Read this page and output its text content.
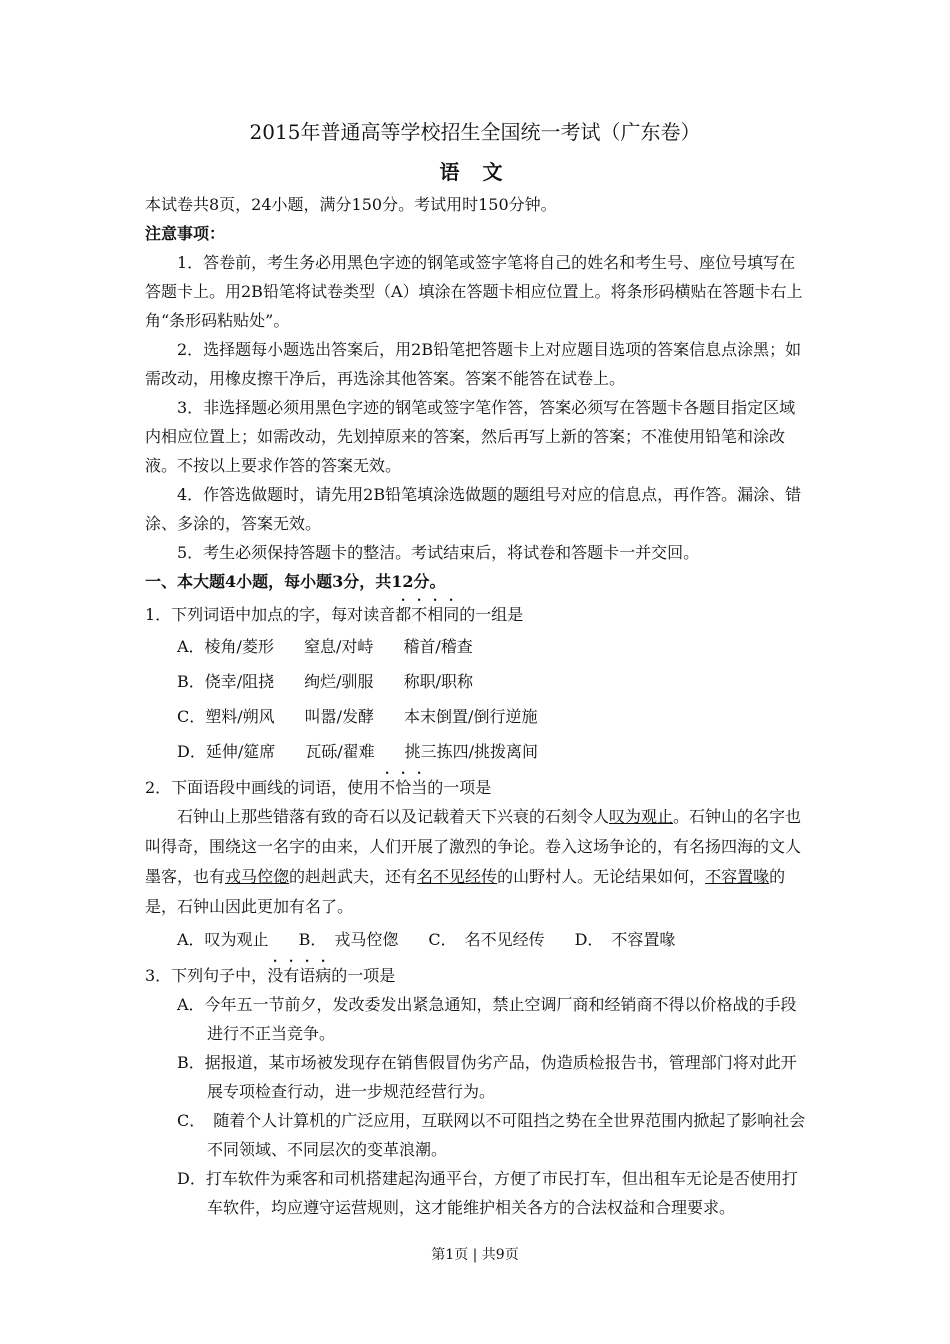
2015年普通高等学校招生全国统一考试（广东卷）
语 文

本试卷共8页，24小题，满分150分。考试用时150分钟。

注意事项：

1．答卷前，考生务必用黑色字迹的钢笔或签字笔将自己的姓名和考生号、座位号填写在答题卡上。用2B铅笔将试卷类型（A）填涂在答题卡相应位置上。将条形码横贴在答题卡右上角“条形码粘贴处”。

2．选择题每小题选出答案后，用2B铅笔把答题卡上对应题目选项的答案信息点涂黑；如需改动，用橡皮擦干净后，再选涂其他答案。答案不能答在试卷上。

3．非选择题必须用黑色字迹的钢笔或签字笔作答，答案必须写在答题卡各题目指定区域内相应位置上；如需改动，先划掉原来的答案，然后再写上新的答案；不准使用铅笔和涂改液。不按以上要求作答的答案无效。

4．作答选做题时，请先用2B铅笔填涂选做题的题组号对应的信息点，再作答。漏涂、错涂、多涂的，答案无效。

5．考生必须保持答题卡的整洁。考试结束后，将试卷和答题卡一并交回。

一、本大题4小题，每小题3分，共12分。

1．下列词语中加点的字，每对读音都不相同的一组是

A．棱角/菱形 窒息/对峙 稽首/稽查

B．侥幸/阻挠 绚烂/驯服 称职/职称

C．塑料/朔风 叫嚣/发酵 本末倒置/倒行逆施

D．延伸/筵席 瓦砾/翟难 挑三拣四/挑拨离间

2．下面语段中画线的词语，使用不恰当的一项是

石钟山上那些错落有致的奇石以及记载着天下兴衰的石刻令人叹为观止。石钟山的名字也叫得奇，围绕这一名字的由来，人们开展了激烈的争论。卷入这场争论的，有名扬四海的文人墨客，也有戎马倥偬的赳赳武夫，还有名不见经传的山野村人。无论结果如何，不容置喙的是，石钟山因此更加有名了。

A．叹为观止 B．　戎马倥偬 C．　名不见经传 D．　不容置喙

3．下列句子中，没有语病的一项是

A．今年五一节前夕，发改委发出紧急通知，禁止空调厂商和经销商不得以价格战的手段进行不正当竞争。

B．据报道，某市场被发现存在销售假冒伪劣产品，伪造质检报告书，管理部门将对此开展专项检查行动，进一步规范经营行为。

C．　随着个人计算机的广泛应用，互联网以不可阻挡之势在全世界范围内掀起了影响社会不同领域、不同层次的变革浪潮。

D．打车软件为乘客和司机搭建起沟通平台，方便了市民打车，但出租车无论是否使用打车软件，均应遵守运营规则，这才能维护相关各方的合法权益和合理要求。

第1页 | 共9页
